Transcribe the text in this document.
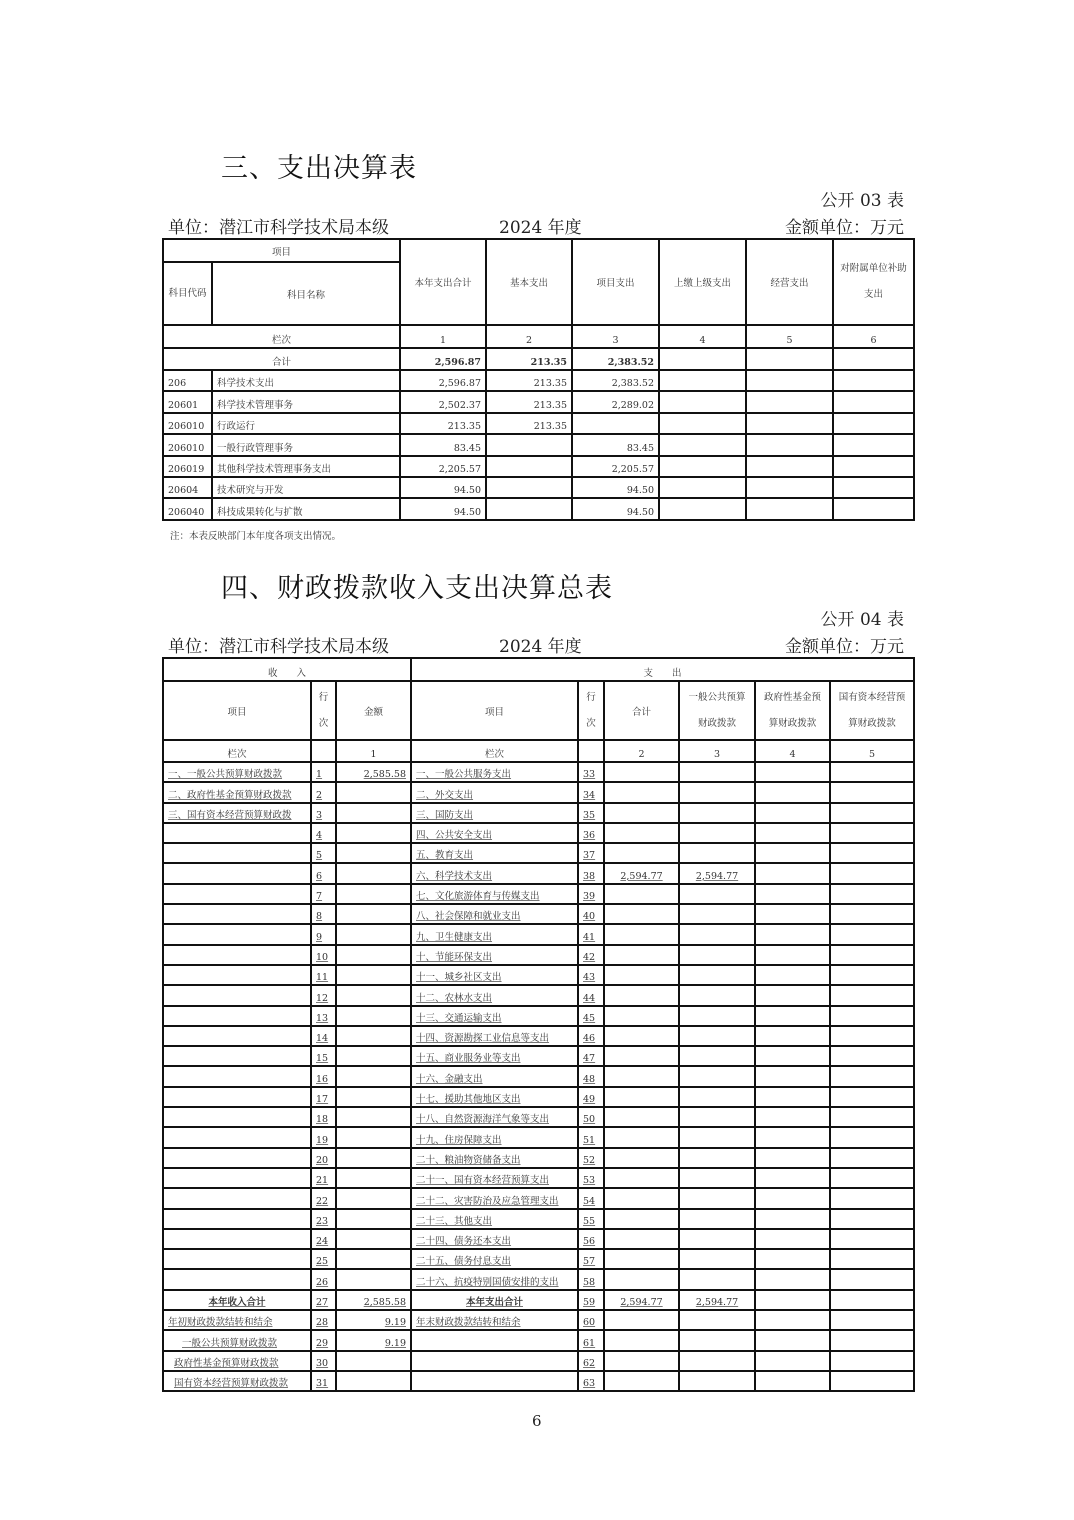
三、支出决算表
公开 03 表
单位：潜江市科学技术局本级	2024 年度	金额单位：万元
项目		本年支出合计	基本支出	项目支出	上缴上级支出	经营支出	对附属单位补助支出
科目代码	科目名称						
栏次		1	2	3	4	5	6
合计		2,596.87	213.35	2,383.52			
206	科学技术支出	2,596.87	213.35	2,383.52			
20601	科学技术管理事务	2,502.37	213.35	2,289.02			
206010	行政运行	213.35	213.35				
206010	一般行政管理事务	83.45		83.45			
206019	其他科学技术管理事务支出	2,205.57		2,205.57			
20604	技术研究与开发	94.50		94.50			
206040	科技成果转化与扩散	94.50		94.50			
注：本表反映部门本年度各项支出情况。
四、财政拨款收入支出决算总表
公开 04 表
单位：潜江市科学技术局本级	2024 年度	金额单位：万元
收　　入			支　　出					
项目	行次	金额	项目	行次	合计	一般公共预算财政拨款	政府性基金预算财政拨款	国有资本经营预算财政拨款
栏次		1	栏次		2	3	4	5
一、一般公共预算财政拨款	1	2,585.58	一、一般公共服务支出	33				
二、政府性基金预算财政拨款	2		二、外交支出	34				
三、国有资本经营预算财政拨	3		三、国防支出	35				
	4		四、公共安全支出	36				
	5		五、教育支出	37				
	6		六、科学技术支出	38	2,594.77	2,594.77		
	7		七、文化旅游体育与传媒支出	39				
	8		八、社会保障和就业支出	40				
	9		九、卫生健康支出	41				
	10		十、节能环保支出	42				
	11		十一、城乡社区支出	43				
	12		十二、农林水支出	44				
	13		十三、交通运输支出	45				
	14		十四、资源勘探工业信息等支出	46				
	15		十五、商业服务业等支出	47				
	16		十六、金融支出	48				
	17		十七、援助其他地区支出	49				
	18		十八、自然资源海洋气象等支出	50				
	19		十九、住房保障支出	51				
	20		二十、粮油物资储备支出	52				
	21		二十一、国有资本经营预算支出	53				
	22		二十二、灾害防治及应急管理支出	54				
	23		二十三、其他支出	55				
	24		二十四、债务还本支出	56				
	25		二十五、债务付息支出	57				
	26		二十六、抗疫特别国债安排的支出	58				
本年收入合计	27	2,585.58	本年支出合计	59	2,594.77	2,594.77		
年初财政拨款结转和结余	28	9.19	年末财政拨款结转和结余	60				
一般公共预算财政拨款	29	9.19		61				
政府性基金预算财政拨款	30			62				
国有资本经营预算财政拨款	31			63				
6
